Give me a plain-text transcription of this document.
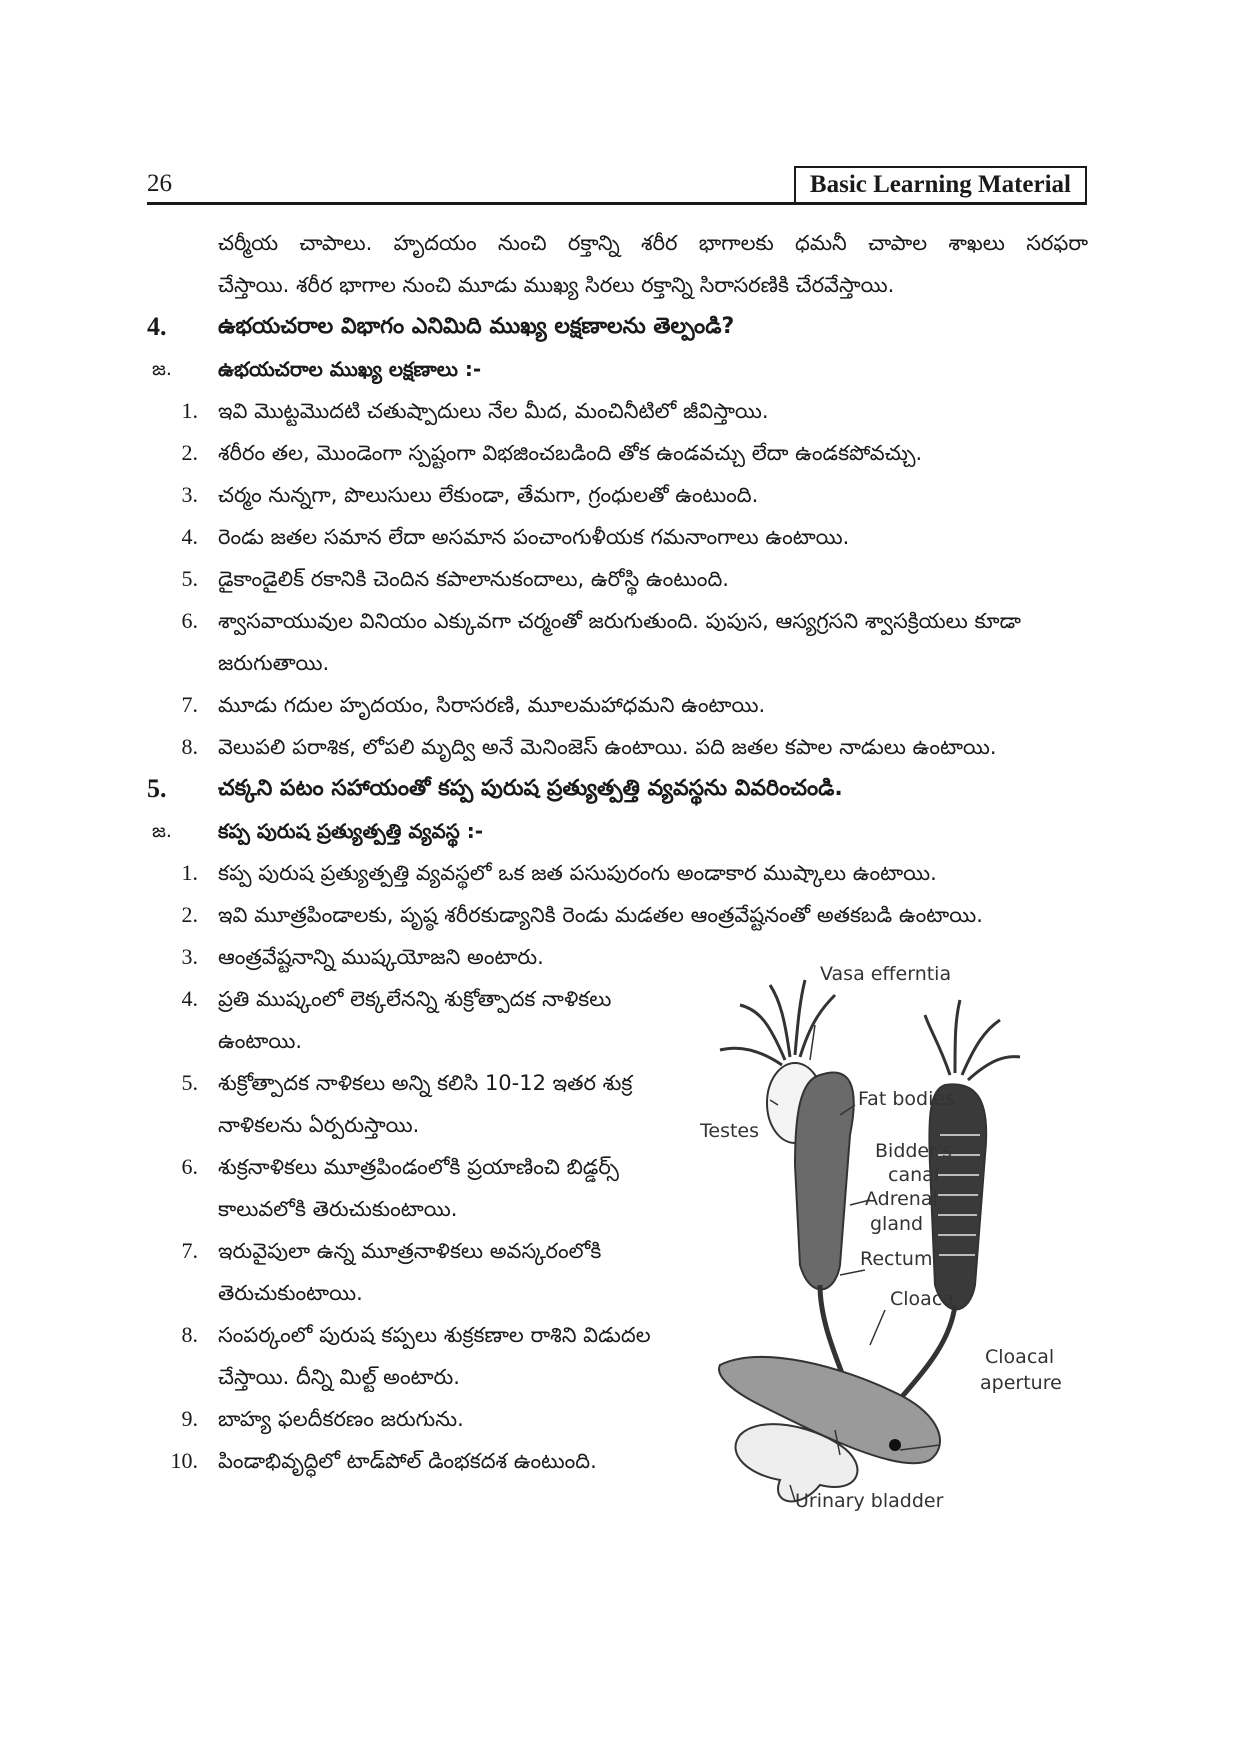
26	Basic Learning Material
చర్మీయ చాపాలు. హృదయం నుంచి రక్తాన్ని శరీర భాగాలకు ధమనీ చాపాల శాఖలు సరఫరా
చేస్తాయి. శరీర భాగాల నుంచి మూడు ముఖ్య సిరలు రక్తాన్ని సిరాసరణికి చేరవేస్తాయి.
4. ఉభయచరాల విభాగం ఎనిమిది ముఖ్య లక్షణాలను తెల్పండి?
జ. ఉభయచరాల ముఖ్య లక్షణాలు :-
1. ఇవి మొట్టమొదటి చతుష్పాదులు నేల మీద, మంచినీటిలో జీవిస్తాయి.
2. శరీరం తల, మొండెంగా స్పష్టంగా విభజించబడింది తోక ఉండవచ్చు లేదా ఉండకపోవచ్చు.
3. చర్మం నున్నగా, పొలుసులు లేకుండా, తేమగా, గ్రంధులతో ఉంటుంది.
4. రెండు జతల సమాన లేదా అసమాన పంచాంగుళీయక గమనాంగాలు ఉంటాయి.
5. డైకాండైలిక్ రకానికి చెందిన కపాలానుకందాలు, ఉరోస్థి ఉంటుంది.
6. శ్వాసవాయువుల వినియం ఎక్కువగా చర్మంతో జరుగుతుంది. పుపుస, ఆస్యగ్రసని శ్వాసక్రియలు కూడా
జరుగుతాయి.
7. మూడు గదుల హృదయం, సిరాసరణి, మూలమహాధమని ఉంటాయి.
8. వెలుపలి పరాశిక, లోపలి మృద్వి అనే మెనింజెస్ ఉంటాయి. పది జతల కపాల నాడులు ఉంటాయి.
5. చక్కని పటం సహాయంతో కప్ప పురుష ప్రత్యుత్పత్తి వ్యవస్థను వివరించండి.
జ. కప్ప పురుష ప్రత్యుత్పత్తి వ్యవస్థ :-
1. కప్ప పురుష ప్రత్యుత్పత్తి వ్యవస్థలో ఒక జత పసుపురంగు అండాకార ముష్కాలు ఉంటాయి.
2. ఇవి మూత్రపిండాలకు, పృష్ఠ శరీరకుడ్యానికి రెండు మడతల ఆంత్రవేష్టనంతో అతకబడి ఉంటాయి.
3. ఆంత్రవేష్టనాన్ని ముష్కయోజని అంటారు.
4. ప్రతి ముష్కంలో లెక్కలేనన్ని శుక్రోత్పాదక నాళికలు
ఉంటాయి.
5. శుక్రోత్పాదక నాళికలు అన్ని కలిసి 10-12 ఇతర శుక్ర
నాళికలను ఏర్పరుస్తాయి.
6. శుక్రనాళికలు మూత్రపిండంలోకి ప్రయాణించి బిడ్డర్స్
కాలువలోకి తెరుచుకుంటాయి.
7. ఇరువైపులా ఉన్న మూత్రనాళికలు అవస్కరంలోకి
తెరుచుకుంటాయి.
8. సంపర్కంలో పురుష కప్పలు శుక్రకణాల రాశిని విడుదల
చేస్తాయి. దీన్ని మిల్ట్ అంటారు.
9. బాహ్య ఫలదీకరణం జరుగును.
10. పిండాభివృద్ధిలో టాడ్‌పోల్ డింభకదశ ఉంటుంది.
Vasa efferntia
Fat bodies
Testes
Bidder's
canal
Adrenal
gland
Rectum
Cloaca
Cloacal
aperture
Urinary bladder
